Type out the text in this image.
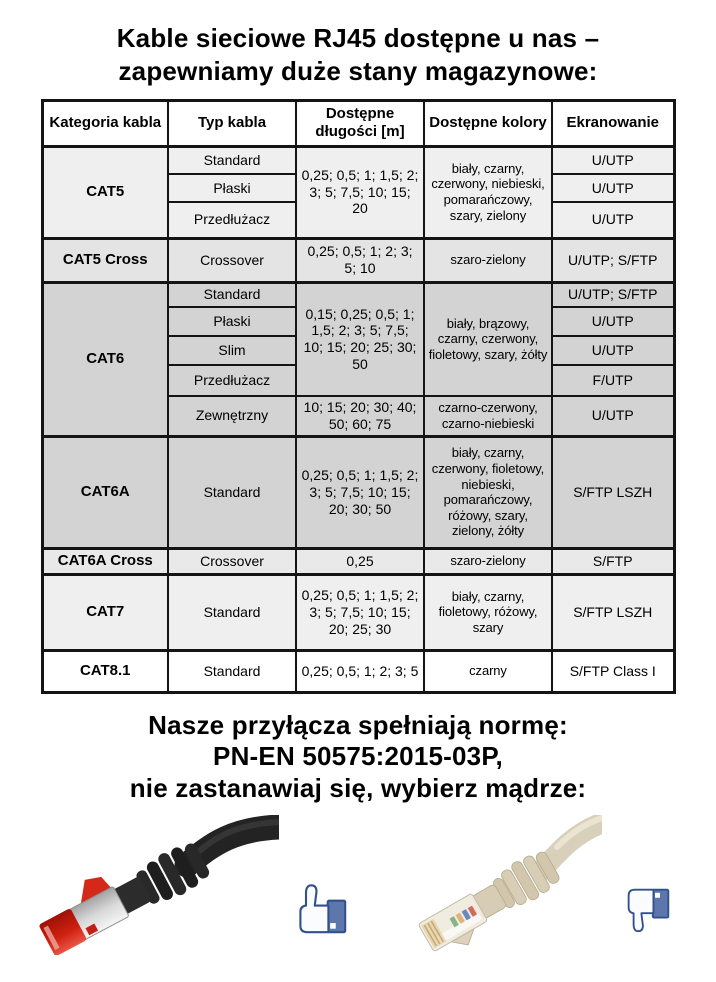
Kable sieciowe RJ45 dostępne u nas –
zapewniamy duże stany magazynowe:
Kategoria kabla	Typ kabla	Dostępne długości [m]	Dostępne kolory	Ekranowanie
CAT5	Standard	0,25; 0,5; 1; 1,5; 2; 3; 5; 7,5; 10; 15; 20	biały, czarny, czerwony, niebieski, pomarańczowy, szary, zielony	U/UTP
	Płaski			U/UTP
	Przedłużacz			U/UTP
CAT5 Cross	Crossover	0,25; 0,5; 1; 2; 3; 5; 10	szaro-zielony	U/UTP; S/FTP
CAT6	Standard	0,15; 0,25; 0,5; 1; 1,5; 2; 3; 5; 7,5; 10; 15; 20; 25; 30; 50	biały, brązowy, czarny, czerwony, fioletowy, szary, żółty	U/UTP; S/FTP
	Płaski			U/UTP
	Slim			U/UTP
	Przedłużacz			F/UTP
	Zewnętrzny	10; 15; 20; 30; 40; 50; 60; 75	czarno-czerwony, czarno-niebieski	U/UTP
CAT6A	Standard	0,25; 0,5; 1; 1,5; 2; 3; 5; 7,5; 10; 15; 20; 30; 50	biały, czarny, czerwony, fioletowy, niebieski, pomarańczowy, różowy, szary, zielony, żółty	S/FTP LSZH
CAT6A Cross	Crossover	0,25	szaro-zielony	S/FTP
CAT7	Standard	0,25; 0,5; 1; 1,5; 2; 3; 5; 7,5; 10; 15; 20; 25; 30	biały, czarny, fioletowy, różowy, szary	S/FTP LSZH
CAT8.1	Standard	0,25; 0,5; 1; 2; 3; 5	czarny	S/FTP Class I
Nasze przyłącza spełniają normę:
PN-EN 50575:2015-03P,
nie zastanawiaj się, wybierz mądrze:
